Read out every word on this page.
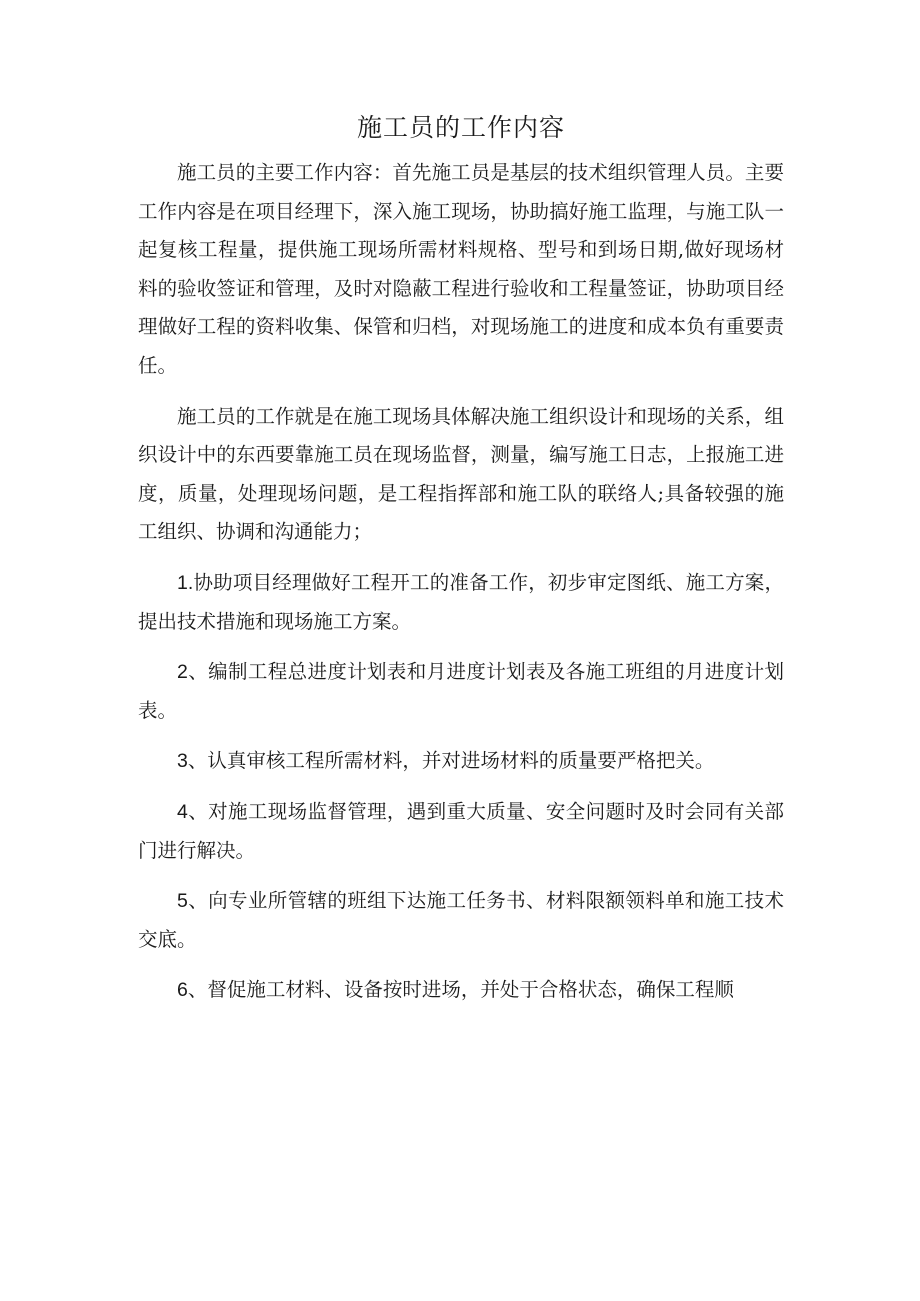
施工员的工作内容

施工员的主要工作内容：首先施工员是基层的技术组织管理人员。主要工作内容是在项目经理下，深入施工现场，协助搞好施工监理，与施工队一起复核工程量，提供施工现场所需材料规格、型号和到场日期,做好现场材料的验收签证和管理，及时对隐蔽工程进行验收和工程量签证，协助项目经理做好工程的资料收集、保管和归档，对现场施工的进度和成本负有重要责任。

施工员的工作就是在施工现场具体解决施工组织设计和现场的关系，组织设计中的东西要靠施工员在现场监督，测量，编写施工日志，上报施工进度，质量，处理现场问题，是工程指挥部和施工队的联络人;具备较强的施工组织、协调和沟通能力；

1.协助项目经理做好工程开工的准备工作，初步审定图纸、施工方案，提出技术措施和现场施工方案。

2、编制工程总进度计划表和月进度计划表及各施工班组的月进度计划表。

3、认真审核工程所需材料，并对进场材料的质量要严格把关。

4、对施工现场监督管理，遇到重大质量、安全问题时及时会同有关部门进行解决。

5、向专业所管辖的班组下达施工任务书、材料限额领料单和施工技术交底。

6、督促施工材料、设备按时进场，并处于合格状态，确保工程顺
